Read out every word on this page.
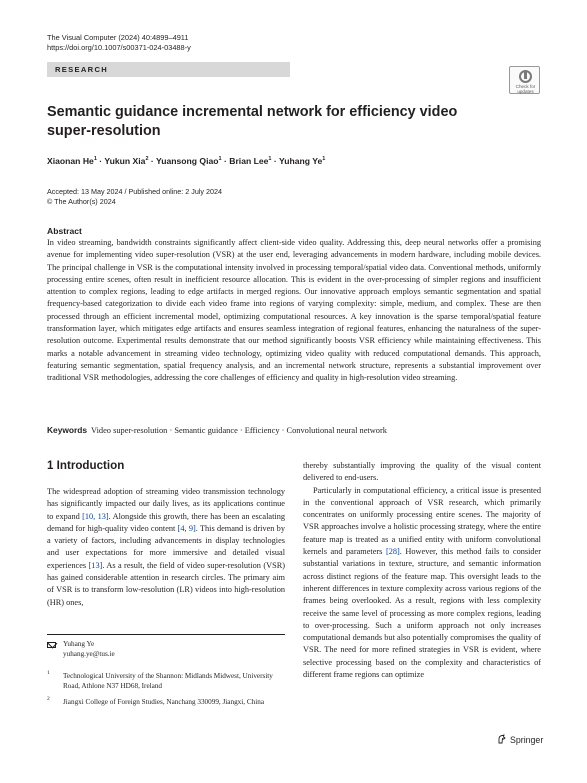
The Visual Computer (2024) 40:4899–4911
https://doi.org/10.1007/s00371-024-03488-y
RESEARCH
Check for updates
Semantic guidance incremental network for efficiency video super-resolution
Xiaonan $He^1$ · Yukun Xia$^2$ · Yuansong Qiao$^1$ · Brian Lee$^1$ · Yuhang Ye$^1$
Accepted: 13 May 2024 / Published online: 2 July 2024
© The Author(s) 2024
Abstract

In video streaming, bandwidth constraints significantly affect client-side video quality. Addressing this, deep neural networks offer a promising avenue for implementing video super-resolution (VSR) at the user end, leveraging advancements in modern hardware, including mobile devices. The principal challenge in VSR is the computational intensity involved in processing temporal/spatial video data. Conventional methods, uniformly processing entire scenes, often result in inefficient resource allocation. This is evident in the over-processing of simpler regions and insufficient attention to complex regions, leading to edge artifacts in merged regions. Our innovative approach employs semantic segmentation and spatial frequency-based categorization to divide each video frame into regions of varying complexity: simple, medium, and complex. These are then processed through an efficient incremental model, optimizing computational resources. A key innovation is the sparse temporal/spatial feature transformation layer, which mitigates edge artifacts and ensures seamless integration of regional features, enhancing the naturalness of the super-resolution outcome. Experimental results demonstrate that our method significantly boosts VSR efficiency while maintaining effectiveness. This marks a notable advancement in streaming video technology, optimizing video quality with reduced computational demands. This approach, featuring semantic segmentation, spatial frequency analysis, and an incremental network structure, represents a substantial improvement over traditional VSR methodologies, addressing the core challenges of efficiency and quality in high-resolution video streaming.

Keywords Video super-resolution · Semantic guidance · Efficiency · Convolutional neural network
1 Introduction

The widespread adoption of streaming video transmission technology has significantly impacted our daily lives, as its applications continue to expand [10, 13]. Alongside this growth, there has been an escalating demand for high-quality video content [4, 9]. This demand is driven by a variety of factors, including advancements in display technologies and user expectations for more immersive and detailed visual experiences [13]. As a result, the field of video super-resolution (VSR) has gained considerable attention in research circles. The primary aim of VSR is to transform low-resolution (LR) videos into high-resolution (HR) ones,

thereby substantially improving the quality of the visual content delivered to end-users.

Particularly in computational efficiency, a critical issue is presented in the conventional approach of VSR research, which primarily concentrates on uniformly processing entire scenes. The majority of VSR approaches involve a holistic processing strategy, where the entire feature map is treated as a unified entity with uniform convolutional kernels and parameters [28]. However, this method fails to consider substantial variations in texture, structure, and semantic information across distinct regions of the feature map. This oversight leads to the inherent differences in texture complexity across various regions of the frames being overlooked. As a result, regions with less complexity receive the same level of processing as more complex regions, leading to over-processing. Such a uniform approach not only increases computational demands but also potentially compromises the quality of VSR. The need for more refined strategies in VSR is evident, where selective processing based on the complexity and characteristics of different frame regions can optimize

Yuhang Ye
yuhang.ye@tus.ie
1 Technological University of the Shannon: Midlands Midwest, University Road, Athlone N37 HD68, Ireland
2 Jiangxi College of Foreign Studies, Nanchang 330099, Jiangxi, China
Springer
